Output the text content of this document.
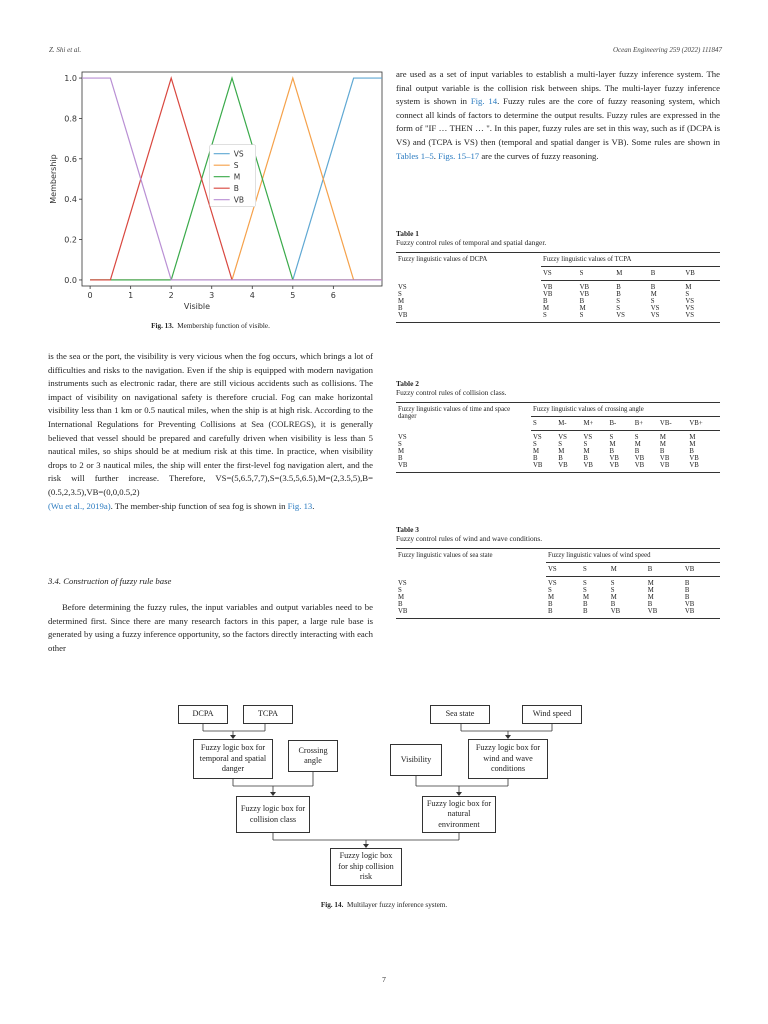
Z. Shi et al.	Ocean Engineering 259 (2022) 111847
0	1	2	3	4	5	6
0.0
0.2
0.4
0.6
0.8
1.0
Visible
Membership
VS
S
M
B
VB
Fig. 13. Membership function of visible.

is the sea or the port, the visibility is very vicious when the fog occurs, which brings a lot of difficulties and risks to the navigation. Even if the ship is equipped with modern navigation instruments such as electronic radar, there are still vicious accidents such as collisions. The impact of visibility on navigational safety is therefore crucial. Fog can make horizontal visibility less than 1 km or 0.5 nautical miles, when the ship is at high risk. According to the International Regulations for Preventing Collisions at Sea (COLREGS), it is generally believed that vessel should be prepared and carefully driven when visibility is less than 5 nautical miles, so ships should be at medium risk at this time. In practice, when visibility drops to 2 or 3 nautical miles, the ship will enter the first-level fog navigation alert, and the risk will further increase. Therefore, VS=(5,6.5,7,7),S=(3.5,5,6.5),M=(2,3.5,5),B=(0.5,2,3.5),VB=(0,0,0.5,2)
(Wu et al., 2019a). The member-ship function of sea fog is shown in Fig. 13.

3.4. Construction of fuzzy rule base

Before determining the fuzzy rules, the input variables and output variables need to be determined first. Since there are many research factors in this paper, a large rule base is generated by using a fuzzy inference opportunity, so the factors directly interacting with each other

are used as a set of input variables to establish a multi-layer fuzzy inference system. The final output variable is the collision risk between ships. The multi-layer fuzzy inference system is shown in Fig. 14. Fuzzy rules are the core of fuzzy reasoning system, which connect all kinds of factors to determine the output results. Fuzzy rules are expressed in the form of "IF … THEN … ". In this paper, fuzzy rules are set in this way, such as if (DCPA is VS) and (TCPA is VS) then (temporal and spatial danger is VB). Some rules are shown in Tables 1–5. Figs. 15–17 are the curves of fuzzy reasoning.

Table 1
Fuzzy control rules of temporal and spatial danger.
Fuzzy linguistic values of DCPA	Fuzzy linguistic values of TCPA				
	VS	S	M	B	VB
VS	VB	VB	B	B	M
S	VB	VB	B	M	S
M	B	B	S	S	VS
B	M	M	S	VS	VS
VB	S	S	VS	VS	VS
Table 2
Fuzzy control rules of collision class.
Fuzzy linguistic values of time and space danger	Fuzzy linguistic values of crossing angle						
	S	M-	M+	B-	B+	VB-	VB+
VS	VS	VS	VS	S	S	M	M
S	S	S	S	M	M	M	M
M	M	M	M	B	B	B	B
B	B	B	B	VB	VB	VB	VB
VB	VB	VB	VB	VB	VB	VB	VB
Table 3
Fuzzy control rules of wind and wave conditions.
Fuzzy linguistic values of sea state	Fuzzy linguistic values of wind speed				
	VS	S	M	B	VB
VS	VS	S	S	M	B
S	S	S	S	M	B
M	M	M	M	M	B
B	B	B	B	B	VB
VB	B	B	VB	VB	VB
DCPA	TCPA	Sea state	Wind speed
Fuzzy logic box for temporal and spatial danger
Crossing angle	Visibility
Fuzzy logic box for wind and wave conditions
Fuzzy logic box for collision class
Fuzzy logic box for natural environment
Fuzzy logic box for ship collision risk
Fig. 14. Multilayer fuzzy inference system.
7
